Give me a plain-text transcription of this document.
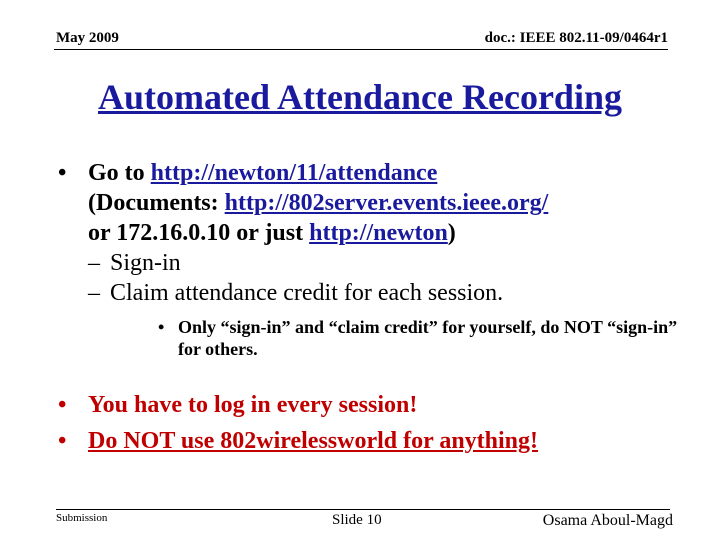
May 2009	doc.: IEEE 802.11-09/0464r1
Automated Attendance Recording
• Go to http://newton/11/attendance
(Documents: http://802server.events.ieee.org/
or 172.16.0.10 or just http://newton)
– Sign-in
– Claim attendance credit for each session.
• Only “sign-in” and “claim credit” for yourself, do NOT “sign-in” for others.
• You have to log in every session!
• Do NOT use 802wirelessworld for anything!
Submission	Slide 10	Osama Aboul-Magd
